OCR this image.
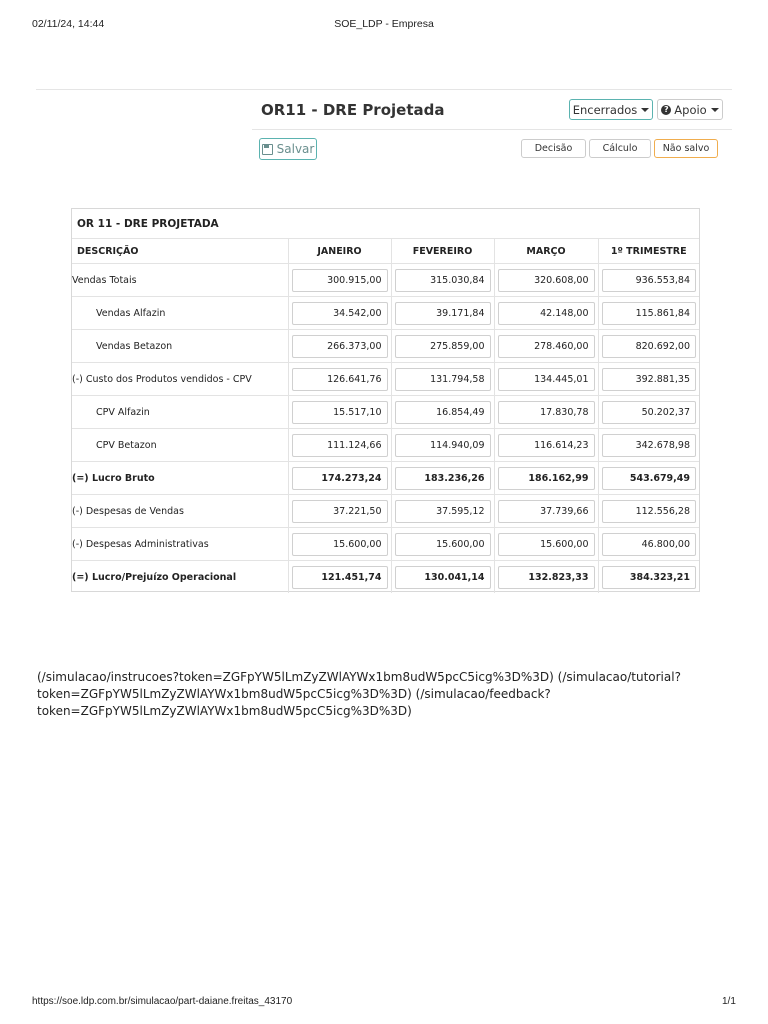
02/11/24, 14:44	SOE_LDP - Empresa
OR11 - DRE Projetada	Encerrados	? Apoio
Salvar	Decisão	Cálculo	Não salvo
OR 11 - DRE PROJETADA
DESCRIÇÃO	JANEIRO	FEVEREIRO	MARÇO	1º TRIMESTRE
Vendas Totais	300.915,00	315.030,84	320.608,00	936.553,84

Vendas Alfazin	34.542,00	39.171,84	42.148,00	115.861,84

Vendas Betazon	266.373,00	275.859,00	278.460,00	820.692,00

(-) Custo dos Produtos vendidos - CPV	126.641,76	131.794,58	134.445,01	392.881,35

CPV Alfazin	15.517,10	16.854,49	17.830,78	50.202,37

CPV Betazon	111.124,66	114.940,09	116.614,23	342.678,98

(=) Lucro Bruto	174.273,24	183.236,26	186.162,99	543.679,49

(-) Despesas de Vendas	37.221,50	37.595,12	37.739,66	112.556,28

(-) Despesas Administrativas	15.600,00	15.600,00	15.600,00	46.800,00

(=) Lucro/Prejuízo Operacional	121.451,74	130.041,14	132.823,33	384.323,21
(/simulacao/instrucoes?token=ZGFpYW5lLmZyZWlAYWx1bm8udW5pcC5icg%3D%3D) (/simulacao/tutorial?token=ZGFpYW5lLmZyZWlAYWx1bm8udW5pcC5icg%3D%3D) (/simulacao/feedback?token=ZGFpYW5lLmZyZWlAYWx1bm8udW5pcC5icg%3D%3D)
https://soe.ldp.com.br/simulacao/part-daiane.freitas_43170	1/1
